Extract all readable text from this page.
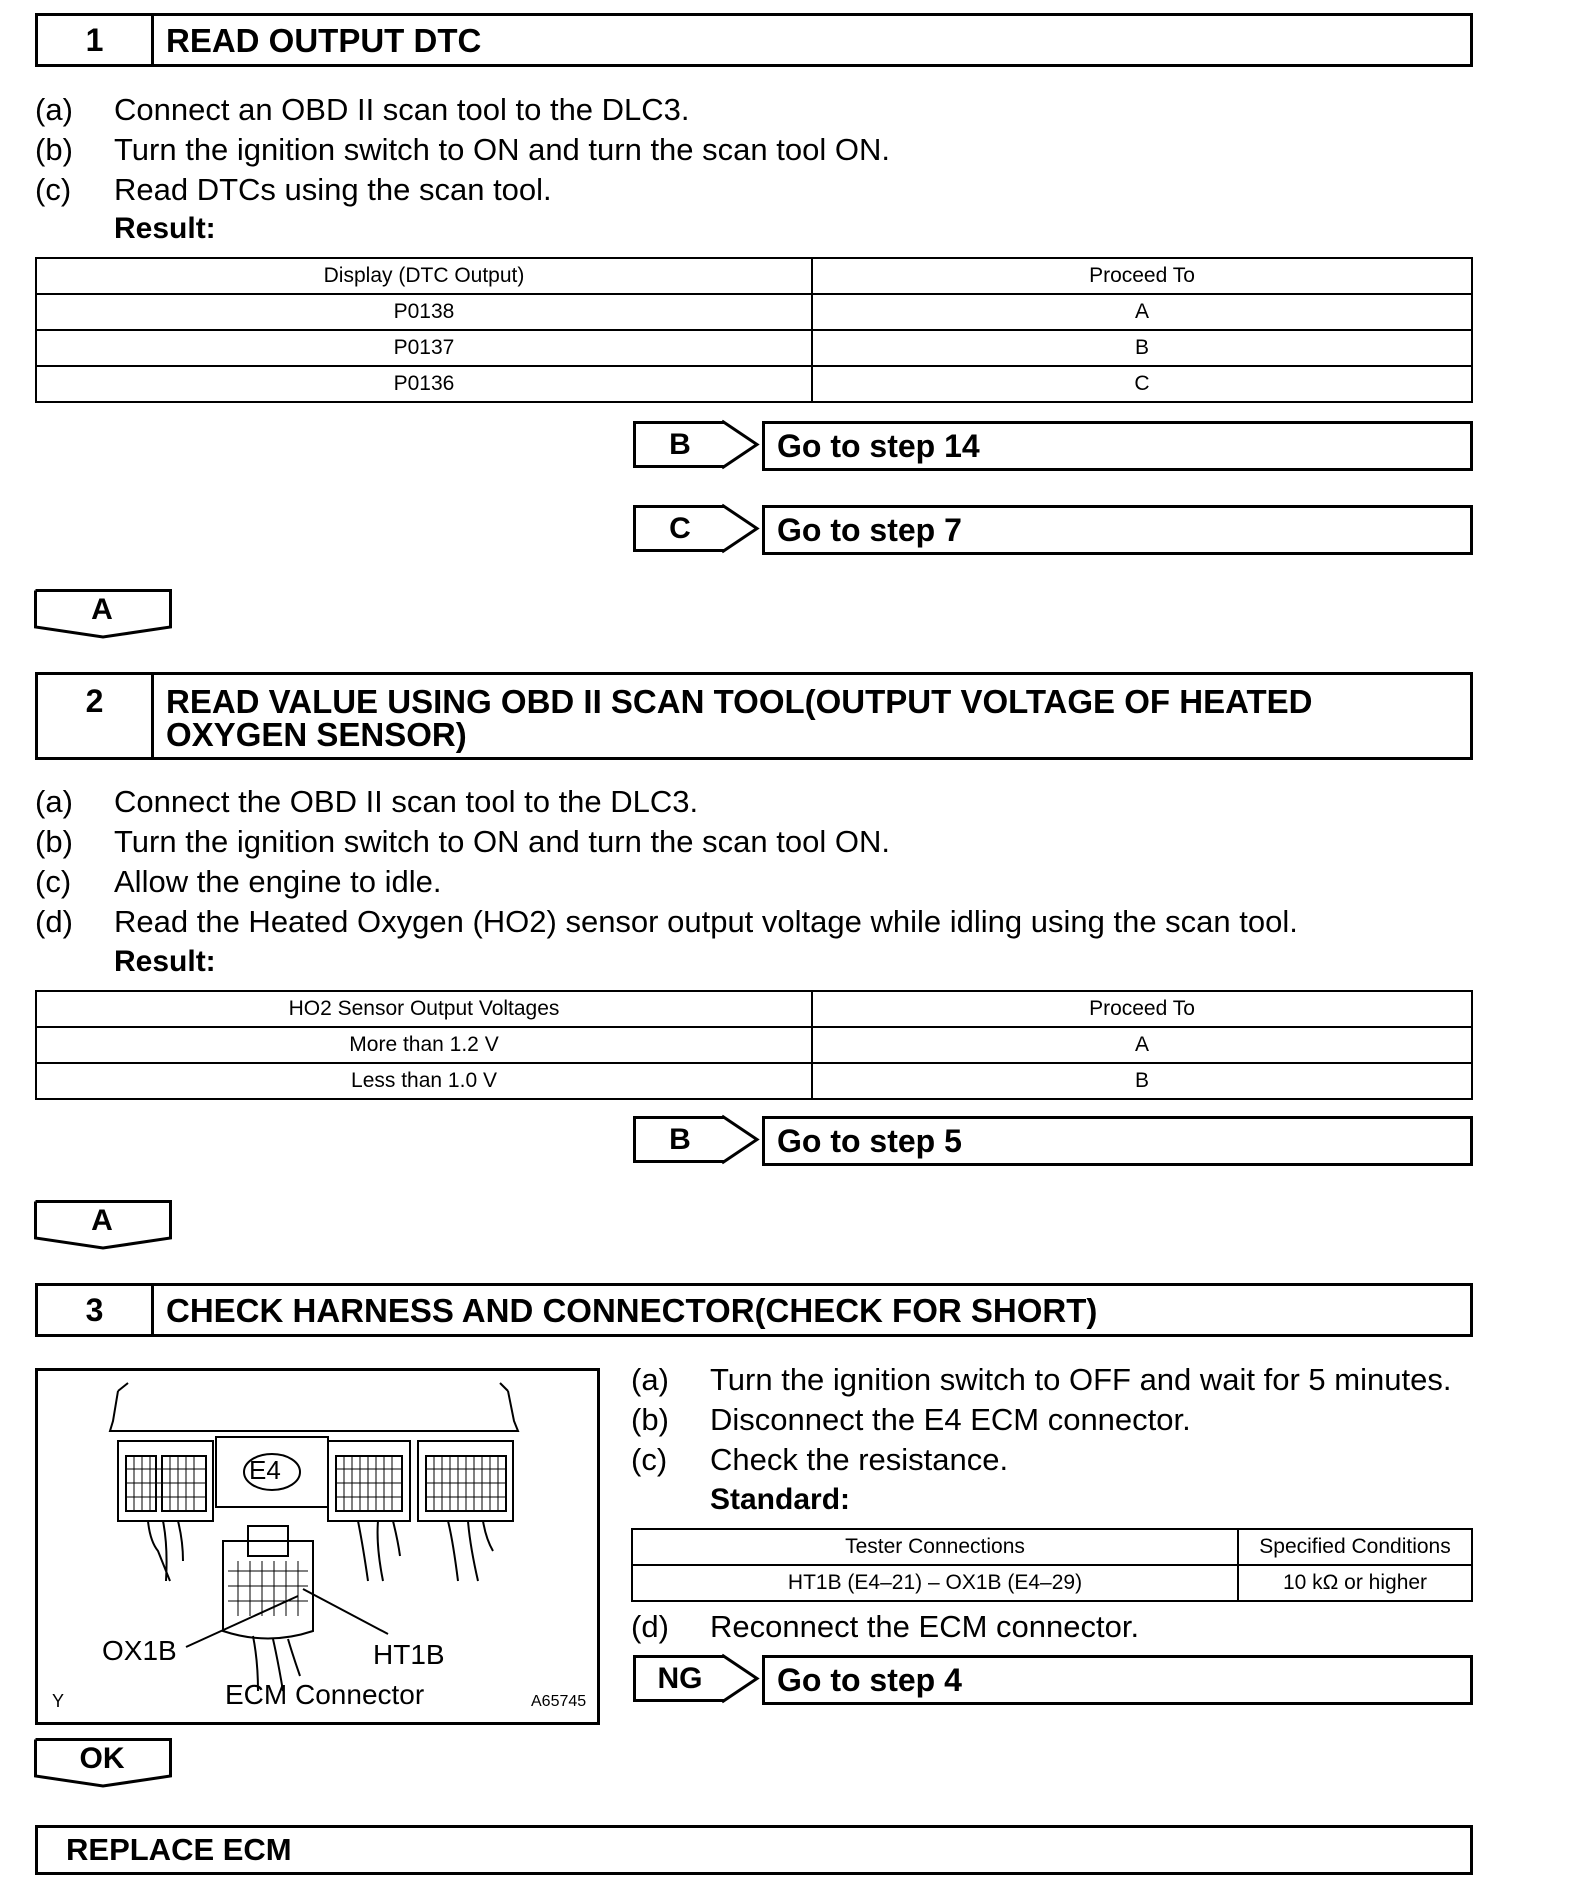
1	READ OUTPUT DTC
(a)	Connect an OBD II scan tool to the DLC3.
(b)	Turn the ignition switch to ON and turn the scan tool ON.
(c)	Read DTCs using the scan tool.
Result:
Display (DTC Output)	Proceed To
P0138	A
P0137	B
P0136	C
B	Go to step 14
C	Go to step 7
A
2	READ VALUE USING OBD II SCAN TOOL(OUTPUT VOLTAGE OF HEATED OXYGEN SENSOR)
(a)	Connect the OBD II scan tool to the DLC3.
(b)	Turn the ignition switch to ON and turn the scan tool ON.
(c)	Allow the engine to idle.
(d)	Read the Heated Oxygen (HO2) sensor output voltage while idling using the scan tool.
Result:
HO2 Sensor Output Voltages	Proceed To
More than 1.2 V	A
Less than 1.0 V	B
B	Go to step 5
A
3	CHECK HARNESS AND CONNECTOR(CHECK FOR SHORT)
E4
OX1B	HT1B
ECM Connector
Y	A65745
(a)	Turn the ignition switch to OFF and wait for 5 minutes.
(b)	Disconnect the E4 ECM connector.
(c)	Check the resistance.
Standard:
Tester Connections	Specified Conditions
HT1B (E4–21) – OX1B (E4–29)	10 kΩ or higher
(d)	Reconnect the ECM connector.
NG	Go to step 4
OK
REPLACE ECM
